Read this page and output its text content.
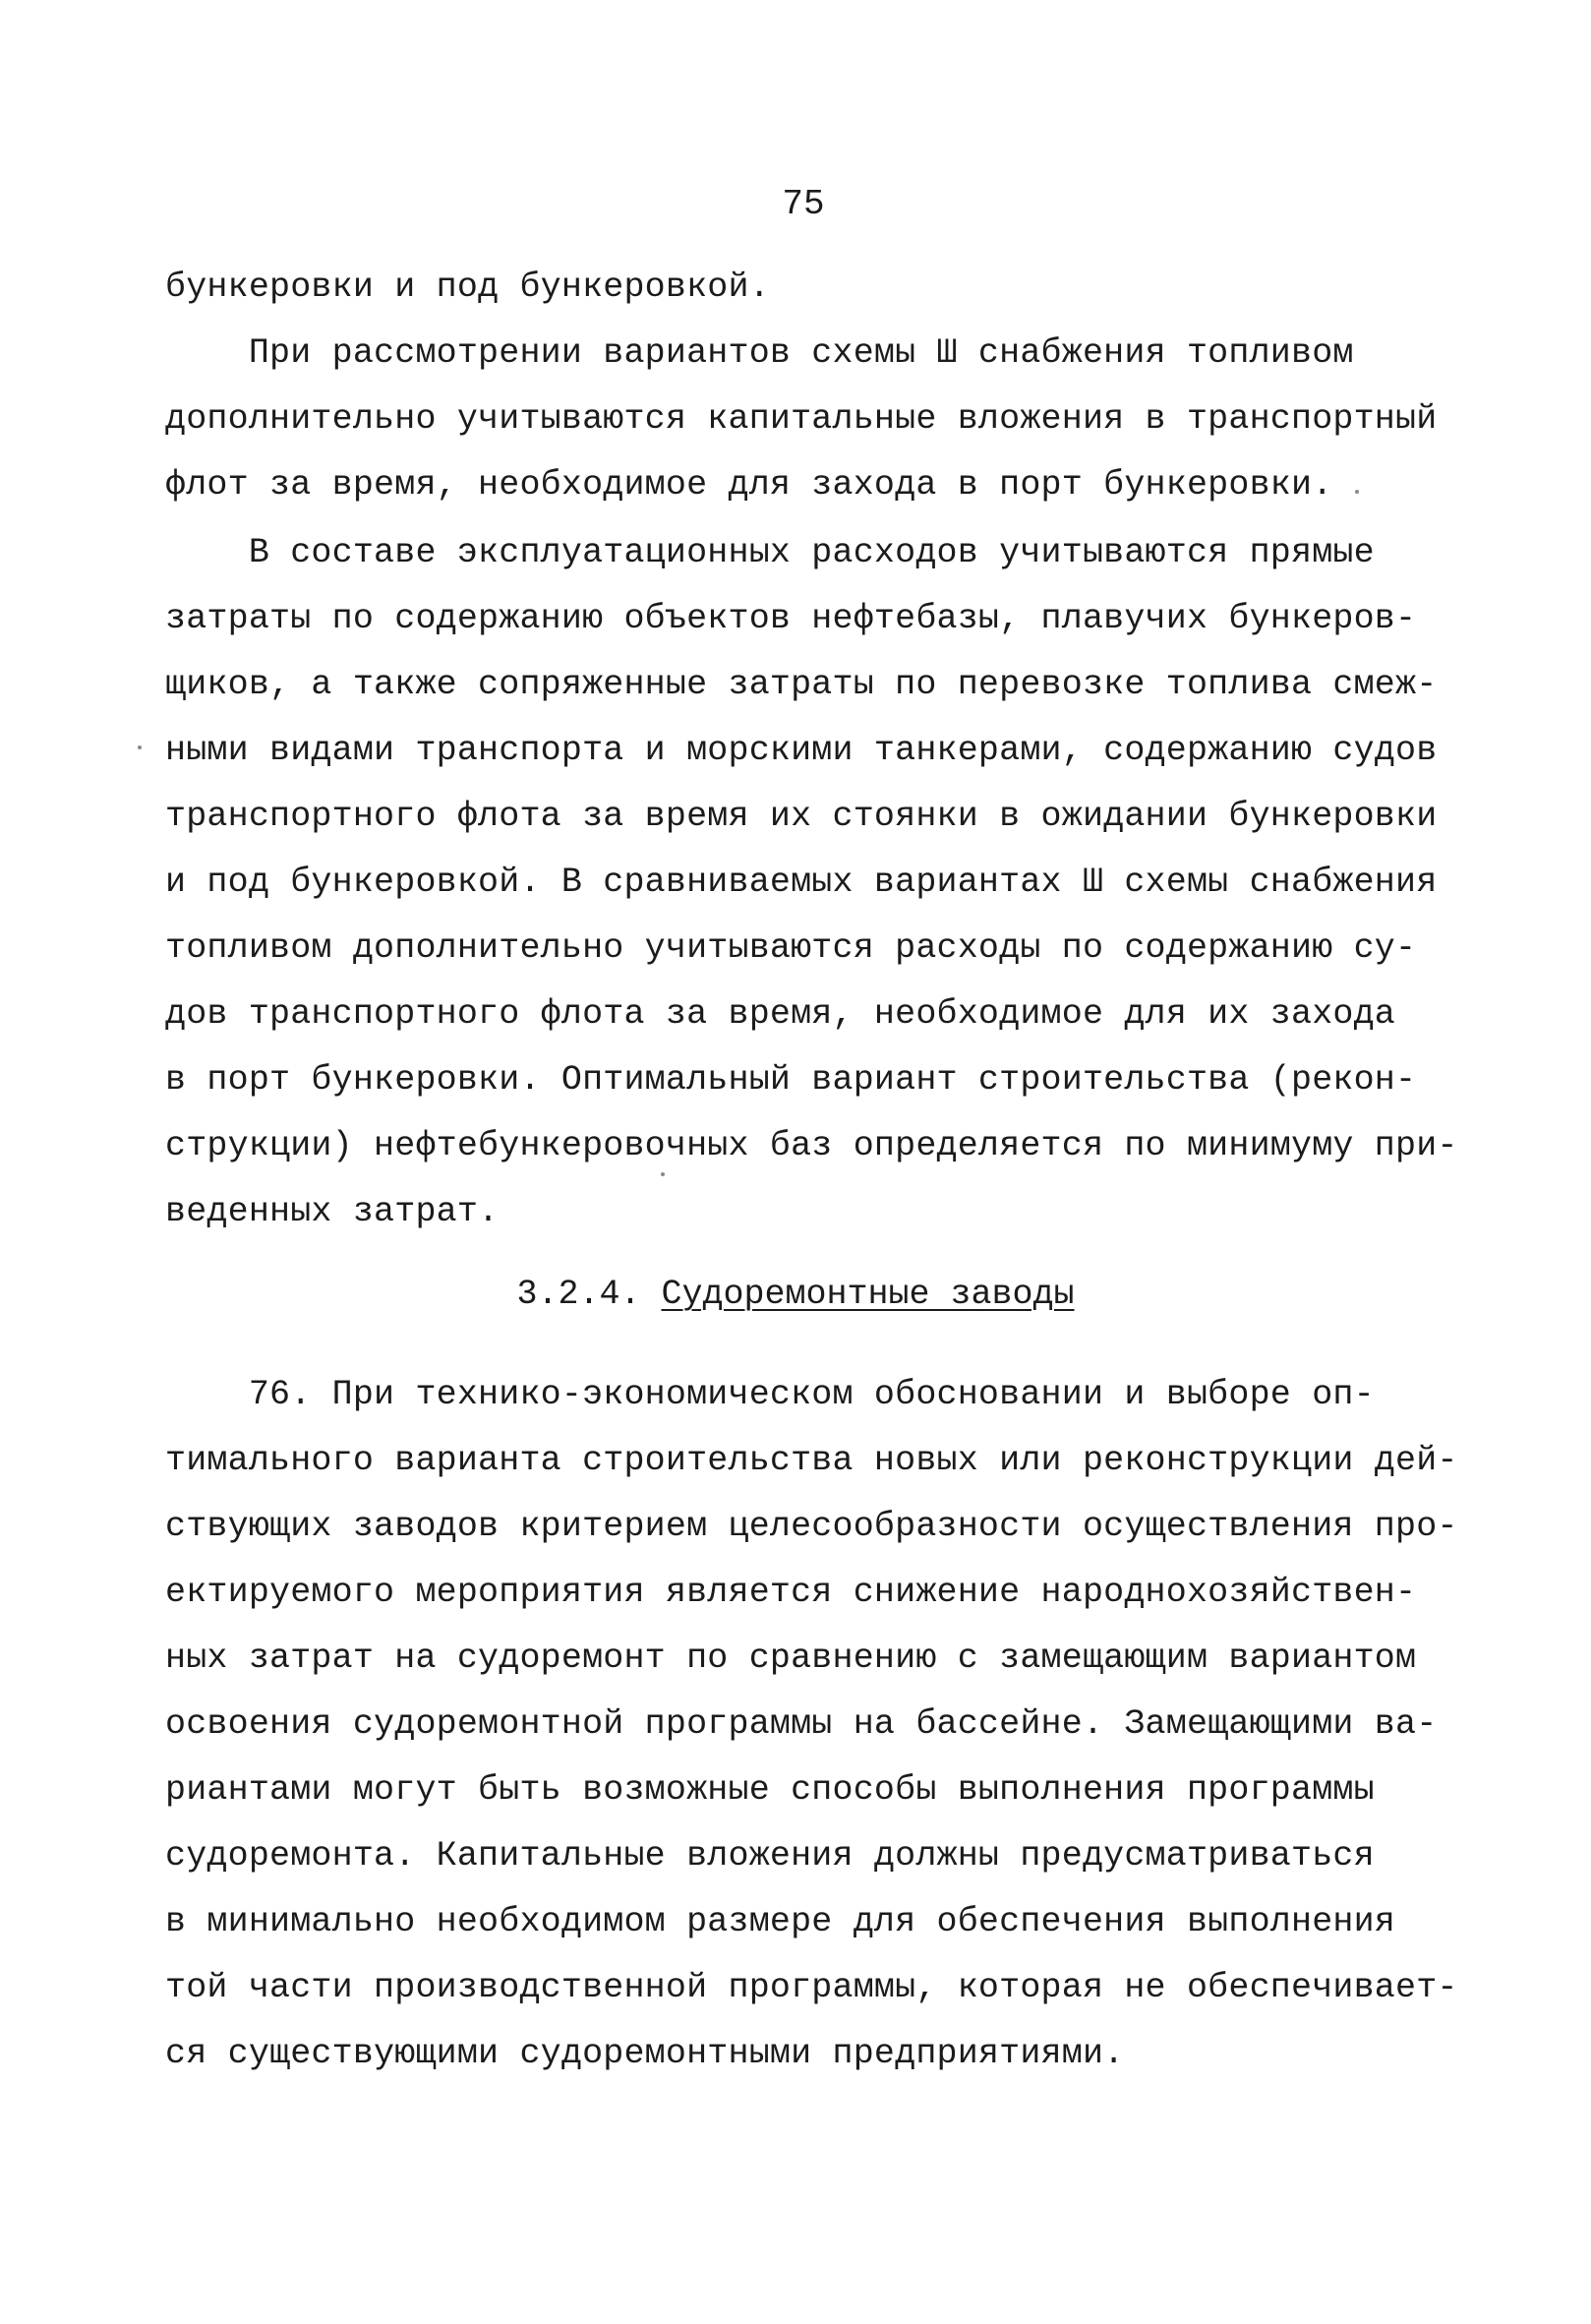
75
бункеровки и под бункеровкой.
При рассмотрении вариантов схемы Ш снабжения топливом
дополнительно учитываются капитальные вложения в транспортный
флот за время, необходимое для захода в порт бункеровки.
В составе эксплуатационных расходов учитываются прямые
затраты по содержанию объектов нефтебазы, плавучих бункеров-
щиков, а также сопряженные затраты по перевозке топлива смеж-
ными видами транспорта и морскими танкерами, содержанию судов
транспортного флота за время их стоянки в ожидании бункеровки
и под бункеровкой. В сравниваемых вариантах Ш схемы снабжения
топливом дополнительно учитываются расходы по содержанию су-
дов транспортного флота за время, необходимое для их захода
в порт бункеровки. Оптимальный вариант строительства (рекон-
струкции) нефтебункеровочных баз определяется по минимуму при-
веденных затрат.
3.2.4. Судоремонтные заводы
76. При технико-экономическом обосновании и выборе оп-
тимального варианта строительства новых или реконструкции дей-
ствующих заводов критерием целесообразности осуществления про-
ектируемого мероприятия является снижение народнохозяйствен-
ных затрат на судоремонт по сравнению с замещающим вариантом
освоения судоремонтной программы на бассейне. Замещающими ва-
риантами могут быть возможные способы выполнения программы
судоремонта. Капитальные вложения должны предусматриваться
в минимально необходимом размере для обеспечения выполнения
той части производственной программы, которая не обеспечивает-
ся существующими судоремонтными предприятиями.
